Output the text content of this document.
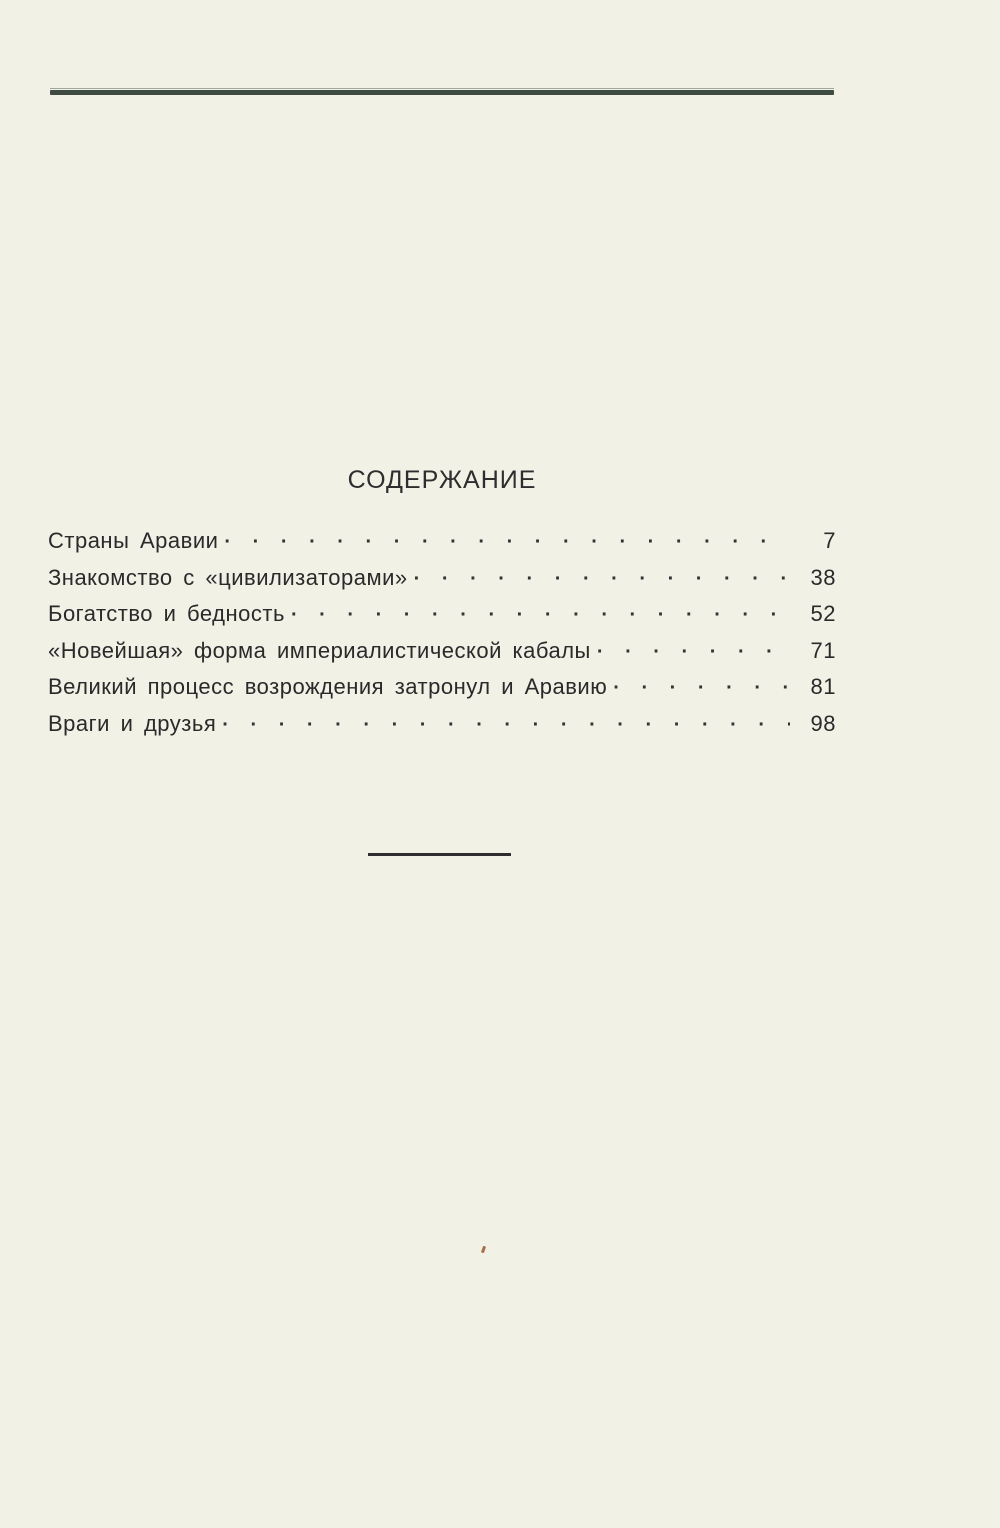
СОДЕРЖАНИЕ
Страны Аравии · · ·	7
Знакомство с «цивилизаторами» · · ·	38
Богатство и бедность · · ·	52
«Новейшая» форма империалистической кабалы · · ·	71
Великий процесс возрождения затронул и Аравию · · ·	81
Враги и друзья · · ·	98
